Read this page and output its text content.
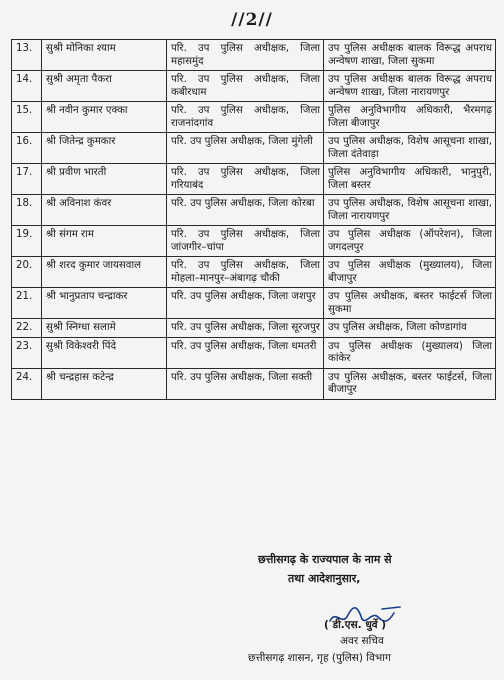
//2//
13.	सुश्री मोनिका श्याम	परि. उप पुलिस अधीक्षक, जिला महासमुंद	उप पुलिस अधीक्षक बालक विरूद्ध अपराध अन्वेषण शाखा, जिला सुकमा
14.	सुश्री अमृता पैकरा	परि. उप पुलिस अधीक्षक, जिला कबीरधाम	उप पुलिस अधीक्षक बालक विरूद्ध अपराध अन्वेषण शाखा, जिला नारायणपुर
15.	श्री नवीन कुमार एक्का	परि. उप पुलिस अधीक्षक, जिला राजनांदगांव	पुलिस अनुविभागीय अधिकारी, भैरमगढ़ जिला बीजापुर
16.	श्री जितेन्द्र कुमकार	परि. उप पुलिस अधीक्षक, जिला मुंगेली	उप पुलिस अधीक्षक, विशेष आसूचना शाखा, जिला दंतेवाड़ा
17.	श्री प्रवीण भारती	परि. उप पुलिस अधीक्षक, जिला गरियाबंद	पुलिस अनुविभागीय अधिकारी, भानुपुरी, जिला बस्तर
18.	श्री अविनाश कंवर	परि. उप पुलिस अधीक्षक, जिला कोरबा	उप पुलिस अधीक्षक, विशेष आसूचना शाखा, जिला नारायणपुर
19.	श्री संगम राम	परि. उप पुलिस अधीक्षक, जिला जांजगीर–चांपा	उप पुलिस अधीक्षक (ऑपरेशन), जिला जगदलपुर
20.	श्री शरद कुमार जायसवाल	परि. उप पुलिस अधीक्षक, जिला मोहला–मानपुर–अंबागढ़ चौकी	उप पुलिस अधीक्षक (मुख्यालय), जिला बीजापुर
21.	श्री भानुप्रताप चन्द्राकर	परि. उप पुलिस अधीक्षक, जिला जशपुर	उप पुलिस अधीक्षक, बस्तर फाईटर्स जिला सुकमा
22.	सुश्री स्निग्धा सलामे	परि. उप पुलिस अधीक्षक, जिला सूरजपुर	उप पुलिस अधीक्षक, जिला कोण्डागांव
23.	सुश्री विकेश्वरी पिंदे	परि. उप पुलिस अधीक्षक, जिला धमतरी	उप पुलिस अधीक्षक (मुख्यालय) जिला कांकेर
24.	श्री चन्द्रहास कटेन्द्र	परि. उप पुलिस अधीक्षक, जिला सक्ती	उप पुलिस अधीक्षक, बस्तर फाईटर्स, जिला बीजापुर
छत्तीसगढ़ के राज्यपाल के नाम से
तथा आदेशानुसार,
( डी.एस. धुर्वे )
अवर सचिव
छत्तीसगढ़ शासन, गृह (पुलिस) विभाग
